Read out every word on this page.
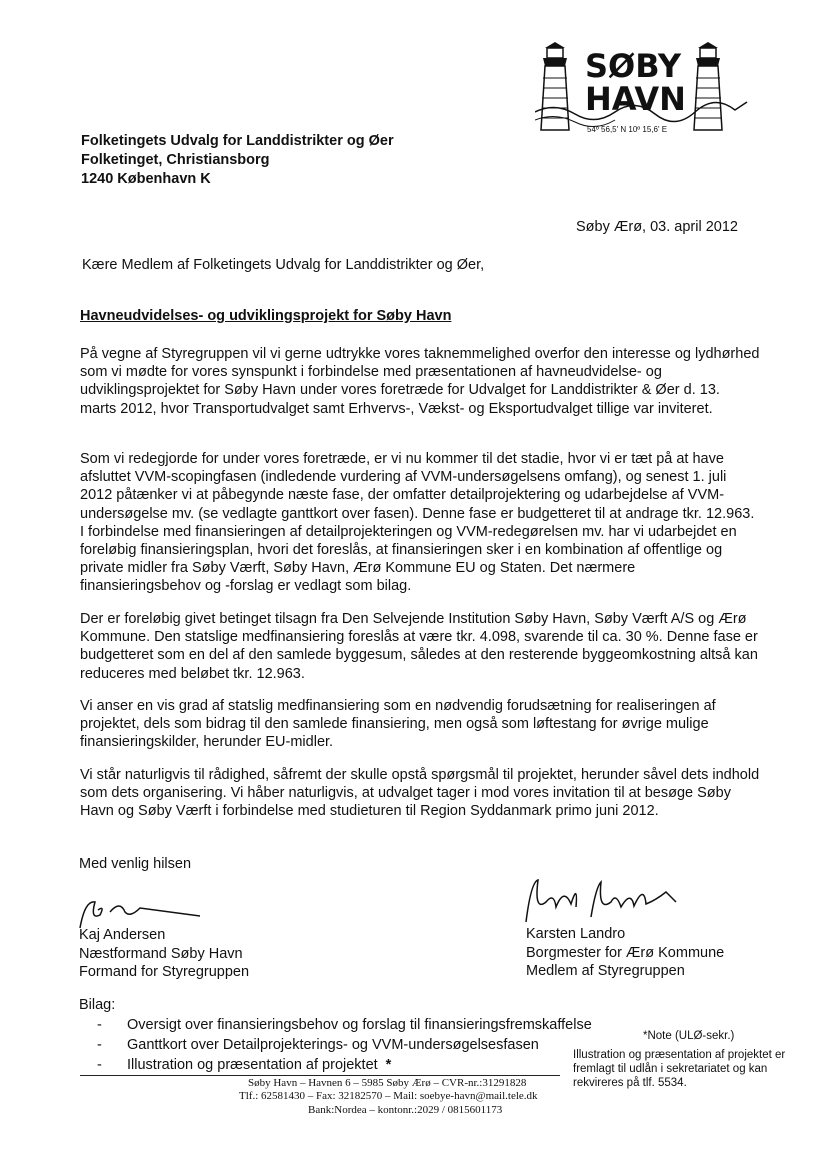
SØBY
HAVN
54º 56,5' N 10º 15,6' E
Folketingets Udvalg for Landdistrikter og Øer
Folketinget, Christiansborg
1240 København K
Søby Ærø, 03. april 2012
Kære Medlem af Folketingets Udvalg for Landdistrikter og Øer,
Havneudvidelses- og udviklingsprojekt for Søby Havn
På vegne af Styregruppen vil vi gerne udtrykke vores taknemmelighed overfor den interesse og lydhørhed som vi mødte for vores synspunkt i forbindelse med præsentationen af havneudvidelse- og udviklingsprojektet for Søby Havn under vores foretræde for Udvalget for Landdistrikter & Øer d. 13. marts 2012, hvor Transportudvalget samt Erhvervs-, Vækst- og Eksportudvalget tillige var inviteret.
Som vi redegjorde for under vores foretræde, er vi nu kommer til det stadie, hvor vi er tæt på at have afsluttet VVM-scopingfasen (indledende vurdering af VVM-undersøgelsens omfang), og senest 1. juli 2012 påtænker vi at påbegynde næste fase, der omfatter detailprojektering og udarbejdelse af VVM-undersøgelse mv. (se vedlagte ganttkort over fasen). Denne fase er budgetteret til at andrage tkr. 12.963. I forbindelse med finansieringen af detailprojekteringen og VVM-redegørelsen mv. har vi udarbejdet en foreløbig finansieringsplan, hvori det foreslås, at finansieringen sker i en kombination af offentlige og private midler fra Søby Værft, Søby Havn, Ærø Kommune EU og Staten. Det nærmere finansieringsbehov og -forslag er vedlagt som bilag.
Der er foreløbig givet betinget tilsagn fra Den Selvejende Institution Søby Havn, Søby Værft A/S og Ærø Kommune. Den statslige medfinansiering foreslås at være tkr. 4.098, svarende til ca. 30 %. Denne fase er budgetteret som en del af den samlede byggesum, således at den resterende byggeomkostning altså kan reduceres med beløbet tkr. 12.963.
Vi anser en vis grad af statslig medfinansiering som en nødvendig forudsætning for realiseringen af projektet, dels som bidrag til den samlede finansiering, men også som løftestang for øvrige mulige finansieringskilder, herunder EU-midler.
Vi står naturligvis til rådighed, såfremt der skulle opstå spørgsmål til projektet, herunder såvel dets indhold som dets organisering. Vi håber naturligvis, at udvalget tager i mod vores invitation til at besøge Søby Havn og Søby Værft i forbindelse med studieturen til Region Syddanmark primo juni 2012.
Med venlig hilsen
Kaj Andersen
Næstformand Søby Havn
Formand for Styregruppen
Karsten Landro
Borgmester for Ærø Kommune
Medlem af Styregruppen
Bilag:
-	Oversigt over finansieringsbehov og forslag til finansieringsfremskaffelse
-	Ganttkort over Detailprojekterings- og VVM-undersøgelsesfasen
-	Illustration og præsentation af projektet *
*Note (ULØ-sekr.)
Illustration og præsentation af projektet er fremlagt til udlån i sekretariatet og kan rekvireres på tlf. 5534.
Søby Havn – Havnen 6 – 5985 Søby Ærø – CVR-nr.:31291828
Tlf.: 62581430 – Fax: 32182570 – Mail: soebye-havn@mail.tele.dk
Bank:Nordea – kontonr.:2029 / 0815601173
